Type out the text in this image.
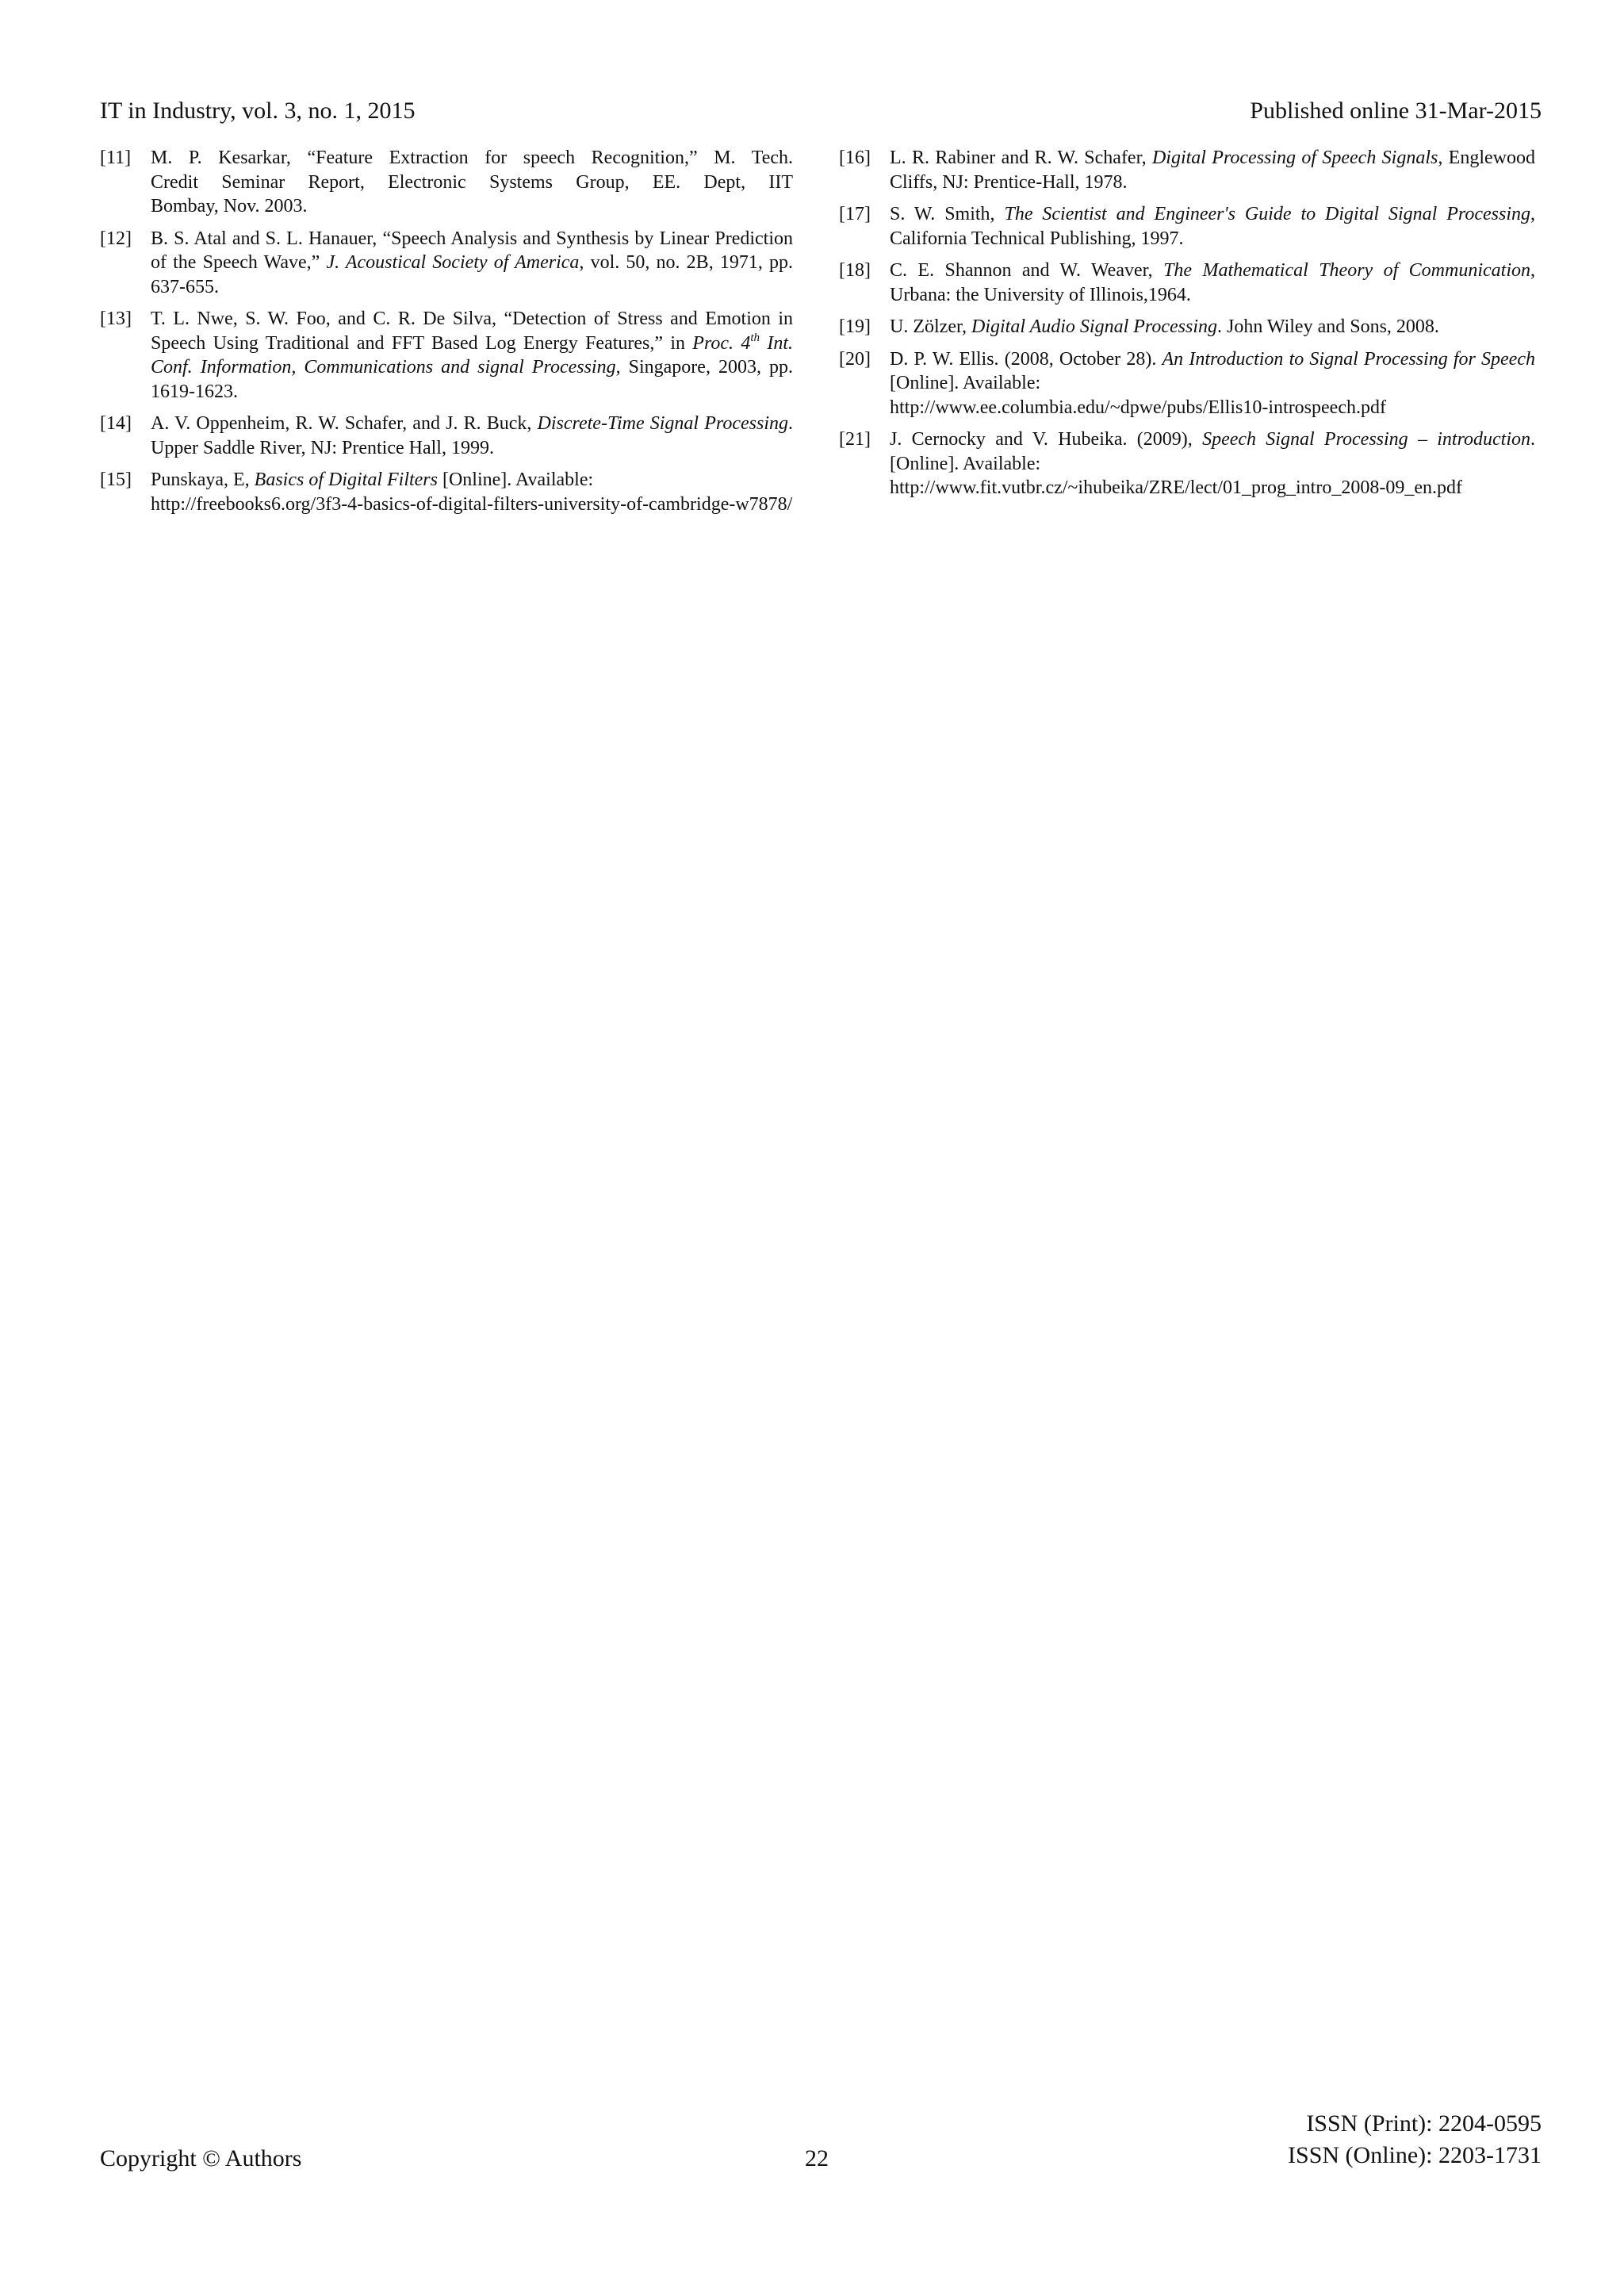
IT in Industry, vol. 3, no. 1, 2015	Published online 31-Mar-2015
[11] M. P. Kesarkar, “Feature Extraction for speech Recognition,” M. Tech.
Credit Seminar Report, Electronic Systems Group, EE. Dept, IIT
Bombay, Nov. 2003.
[12] B. S. Atal and S. L. Hanauer, “Speech Analysis and Synthesis by Linear Prediction of the Speech Wave,” J. Acoustical Society of America, vol. 50, no. 2B, 1971, pp. 637-655.
[13] T. L. Nwe, S. W. Foo, and C. R. De Silva, “Detection of Stress and Emotion in Speech Using Traditional and FFT Based Log Energy Features,” in Proc. 4th Int. Conf. Information, Communications and signal Processing, Singapore, 2003, pp. 1619-1623.
[14] A. V. Oppenheim, R. W. Schafer, and J. R. Buck, Discrete-Time Signal Processing. Upper Saddle River, NJ: Prentice Hall, 1999.
[15] Punskaya, E, Basics of Digital Filters [Online]. Available:
http://freebooks6.org/3f3-4-basics-of-digital-filters-university-of-cambridge-w7878/
[16] L. R. Rabiner and R. W. Schafer, Digital Processing of Speech Signals, Englewood Cliffs, NJ: Prentice-Hall, 1978.
[17] S. W. Smith, The Scientist and Engineer's Guide to Digital Signal Processing, California Technical Publishing, 1997.
[18] C. E. Shannon and W. Weaver, The Mathematical Theory of Communication, Urbana: the University of Illinois,1964.
[19] U. Zölzer, Digital Audio Signal Processing. John Wiley and Sons, 2008.
[20] D. P. W. Ellis. (2008, October 28). An Introduction to Signal Processing for Speech [Online]. Available:
http://www.ee.columbia.edu/~dpwe/pubs/Ellis10-introspeech.pdf
[21] J. Cernocky and V. Hubeika. (2009), Speech Signal Processing – introduction. [Online]. Available:
http://www.fit.vutbr.cz/~ihubeika/ZRE/lect/01_prog_intro_2008-09_en.pdf
Copyright © Authors	22
ISSN (Print): 2204-0595
ISSN (Online): 2203-1731
